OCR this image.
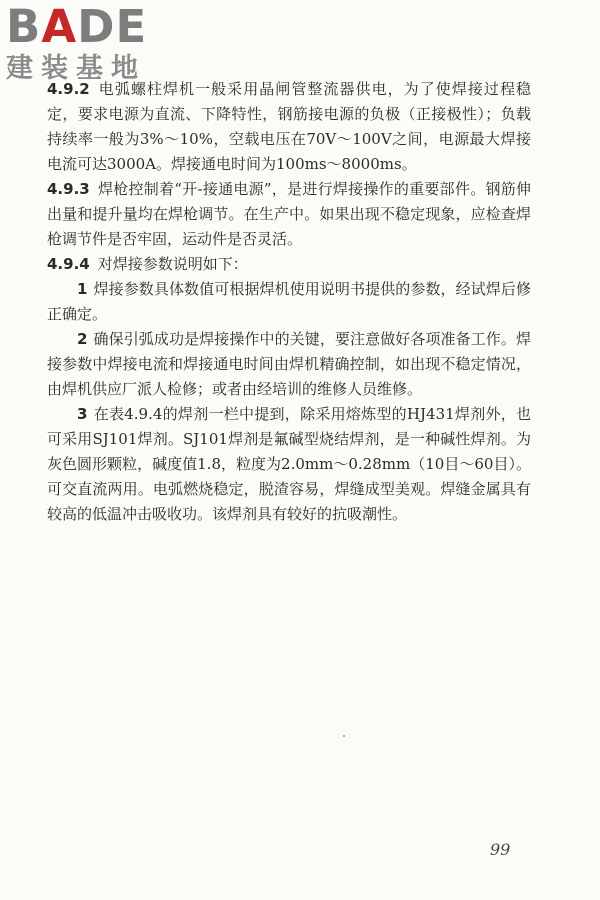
BADE
建装基地

4.9.2 电弧螺柱焊机一般采用晶闸管整流器供电，为了使焊接过程稳定，要求电源为直流、下降特性，钢筋接电源的负极（正接极性）；负载持续率一般为3%～10%，空载电压在70V～100V之间，电源最大焊接电流可达3000A。焊接通电时间为100ms～8000ms。

4.9.3 焊枪控制着“开-接通电源”，是进行焊接操作的重要部件。钢筋伸出量和提升量均在焊枪调节。在生产中。如果出现不稳定现象，应检查焊枪调节件是否牢固，运动件是否灵活。

4.9.4 对焊接参数说明如下：

1 焊接参数具体数值可根据焊机使用说明书提供的参数，经试焊后修正确定。

2 确保引弧成功是焊接操作中的关键，要注意做好各项准备工作。焊接参数中焊接电流和焊接通电时间由焊机精确控制，如出现不稳定情况，由焊机供应厂派人检修；或者由经培训的维修人员维修。

3 在表4.9.4的焊剂一栏中提到，除采用熔炼型的HJ431焊剂外，也可采用SJ101焊剂。SJ101焊剂是氟碱型烧结焊剂，是一种碱性焊剂。为灰色圆形颗粒，碱度值1.8，粒度为2.0mm～0.28mm（10目～60目）。可交直流两用。电弧燃烧稳定，脱渣容易，焊缝成型美观。焊缝金属具有较高的低温冲击吸收功。该焊剂具有较好的抗吸潮性。

99
